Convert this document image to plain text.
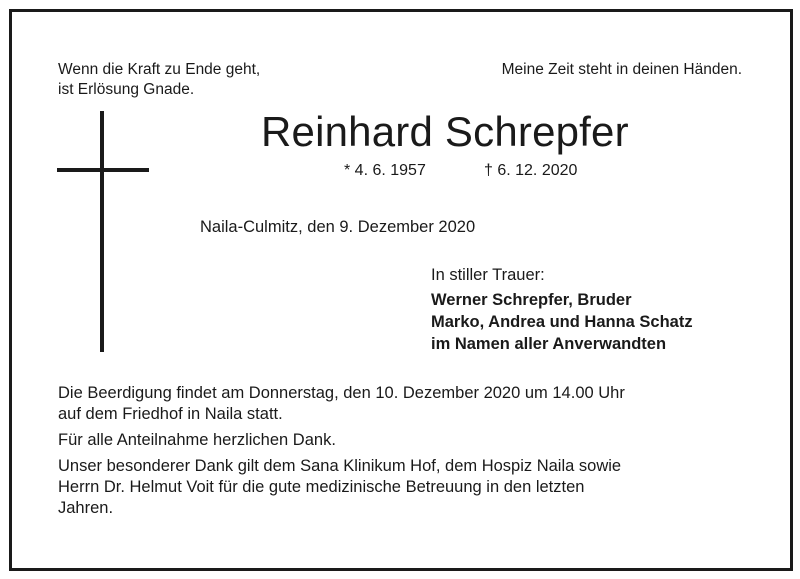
Wenn die Kraft zu Ende geht,
ist Erlösung Gnade.
Meine Zeit steht in deinen Händen.
Reinhard Schrepfer
* 4. 6. 1957	† 6. 12. 2020
Naila-Culmitz, den 9. Dezember 2020
In stiller Trauer:
Werner Schrepfer, Bruder
Marko, Andrea und Hanna Schatz
im Namen aller Anverwandten
Die Beerdigung findet am Donnerstag, den 10. Dezember 2020 um 14.00 Uhr
auf dem Friedhof in Naila statt.
Für alle Anteilnahme herzlichen Dank.
Unser besonderer Dank gilt dem Sana Klinikum Hof, dem Hospiz Naila sowie
Herrn Dr. Helmut Voit für die gute medizinische Betreuung in den letzten
Jahren.
